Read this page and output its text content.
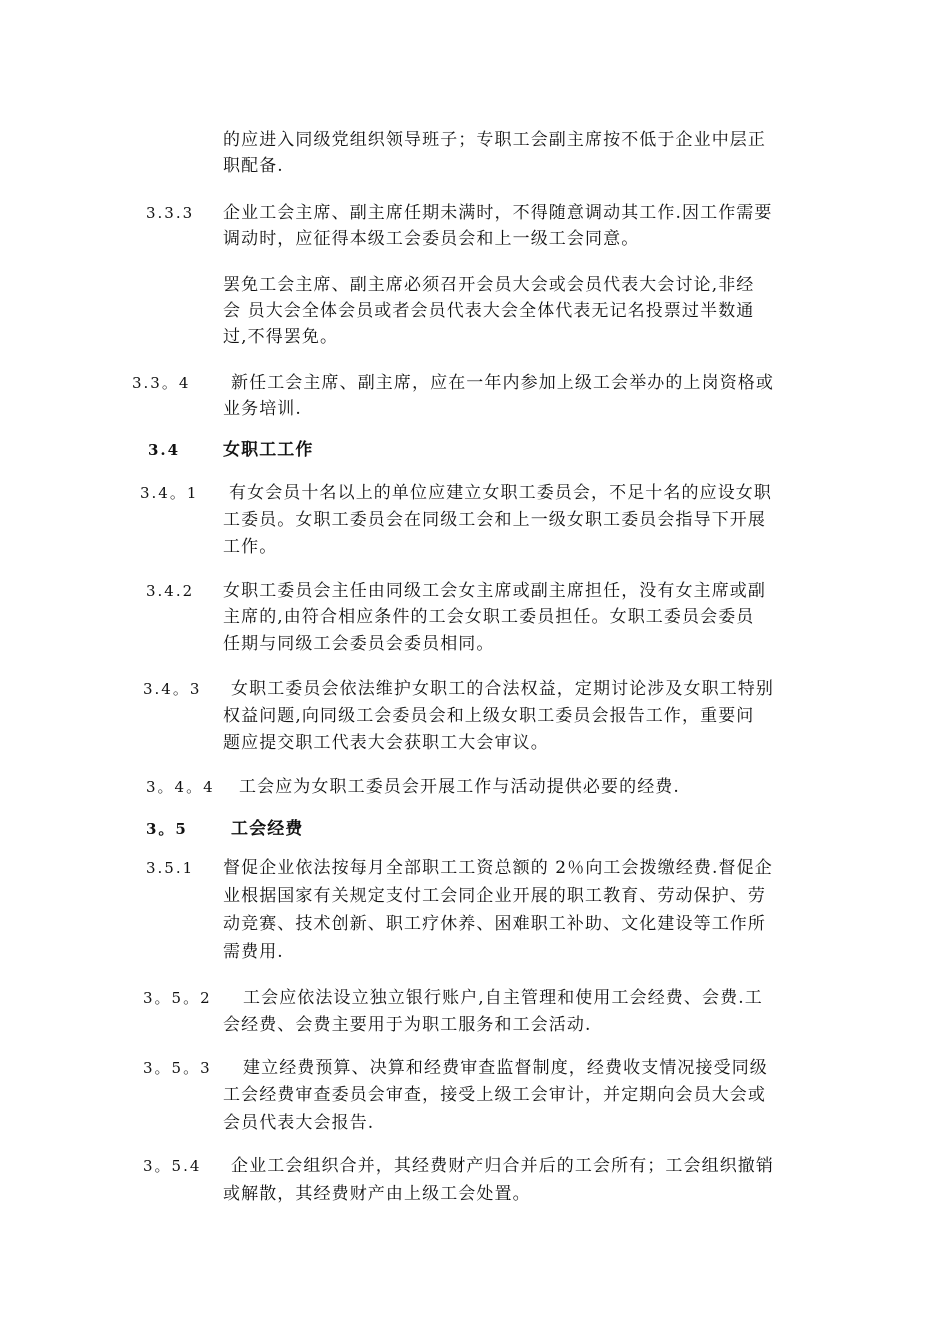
的应进入同级党组织领导班子；专职工会副主席按不低于企业中层正
职配备.
3.3.3 企业工会主席、副主席任期未满时，不得随意调动其工作.因工作需要
调动时，应征得本级工会委员会和上一级工会同意。
罢免工会主席、副主席必须召开会员大会或会员代表大会讨论,非经
会 员大会全体会员或者会员代表大会全体代表无记名投票过半数通
过,不得罢免。
3.3。4 新任工会主席、副主席，应在一年内参加上级工会举办的上岗资格或
业务培训.
3.4	女职工工作
3.4。1 有女会员十名以上的单位应建立女职工委员会，不足十名的应设女职
工委员。女职工委员会在同级工会和上一级女职工委员会指导下开展
工作。
3.4.2 女职工委员会主任由同级工会女主席或副主席担任，没有女主席或副
主席的,由符合相应条件的工会女职工委员担任。女职工委员会委员
任期与同级工会委员会委员相同。
3.4。3 女职工委员会依法维护女职工的合法权益，定期讨论涉及女职工特别
权益问题,向同级工会委员会和上级女职工委员会报告工作，重要问
题应提交职工代表大会获职工大会审议。
3。4。4 工会应为女职工委员会开展工作与活动提供必要的经费.
3。5	工会经费
3.5.1 督促企业依法按每月全部职工工资总额的 2％向工会拨缴经费.督促企
业根据国家有关规定支付工会同企业开展的职工教育、劳动保护、劳
动竞赛、技术创新、职工疗休养、困难职工补助、文化建设等工作所
需费用.
3。5。2 工会应依法设立独立银行账户,自主管理和使用工会经费、会费.工
会经费、会费主要用于为职工服务和工会活动.
3。5。3 建立经费预算、决算和经费审查监督制度，经费收支情况接受同级
工会经费审查委员会审查，接受上级工会审计，并定期向会员大会或
会员代表大会报告.
3。5.4 企业工会组织合并，其经费财产归合并后的工会所有；工会组织撤销
或解散，其经费财产由上级工会处置。
